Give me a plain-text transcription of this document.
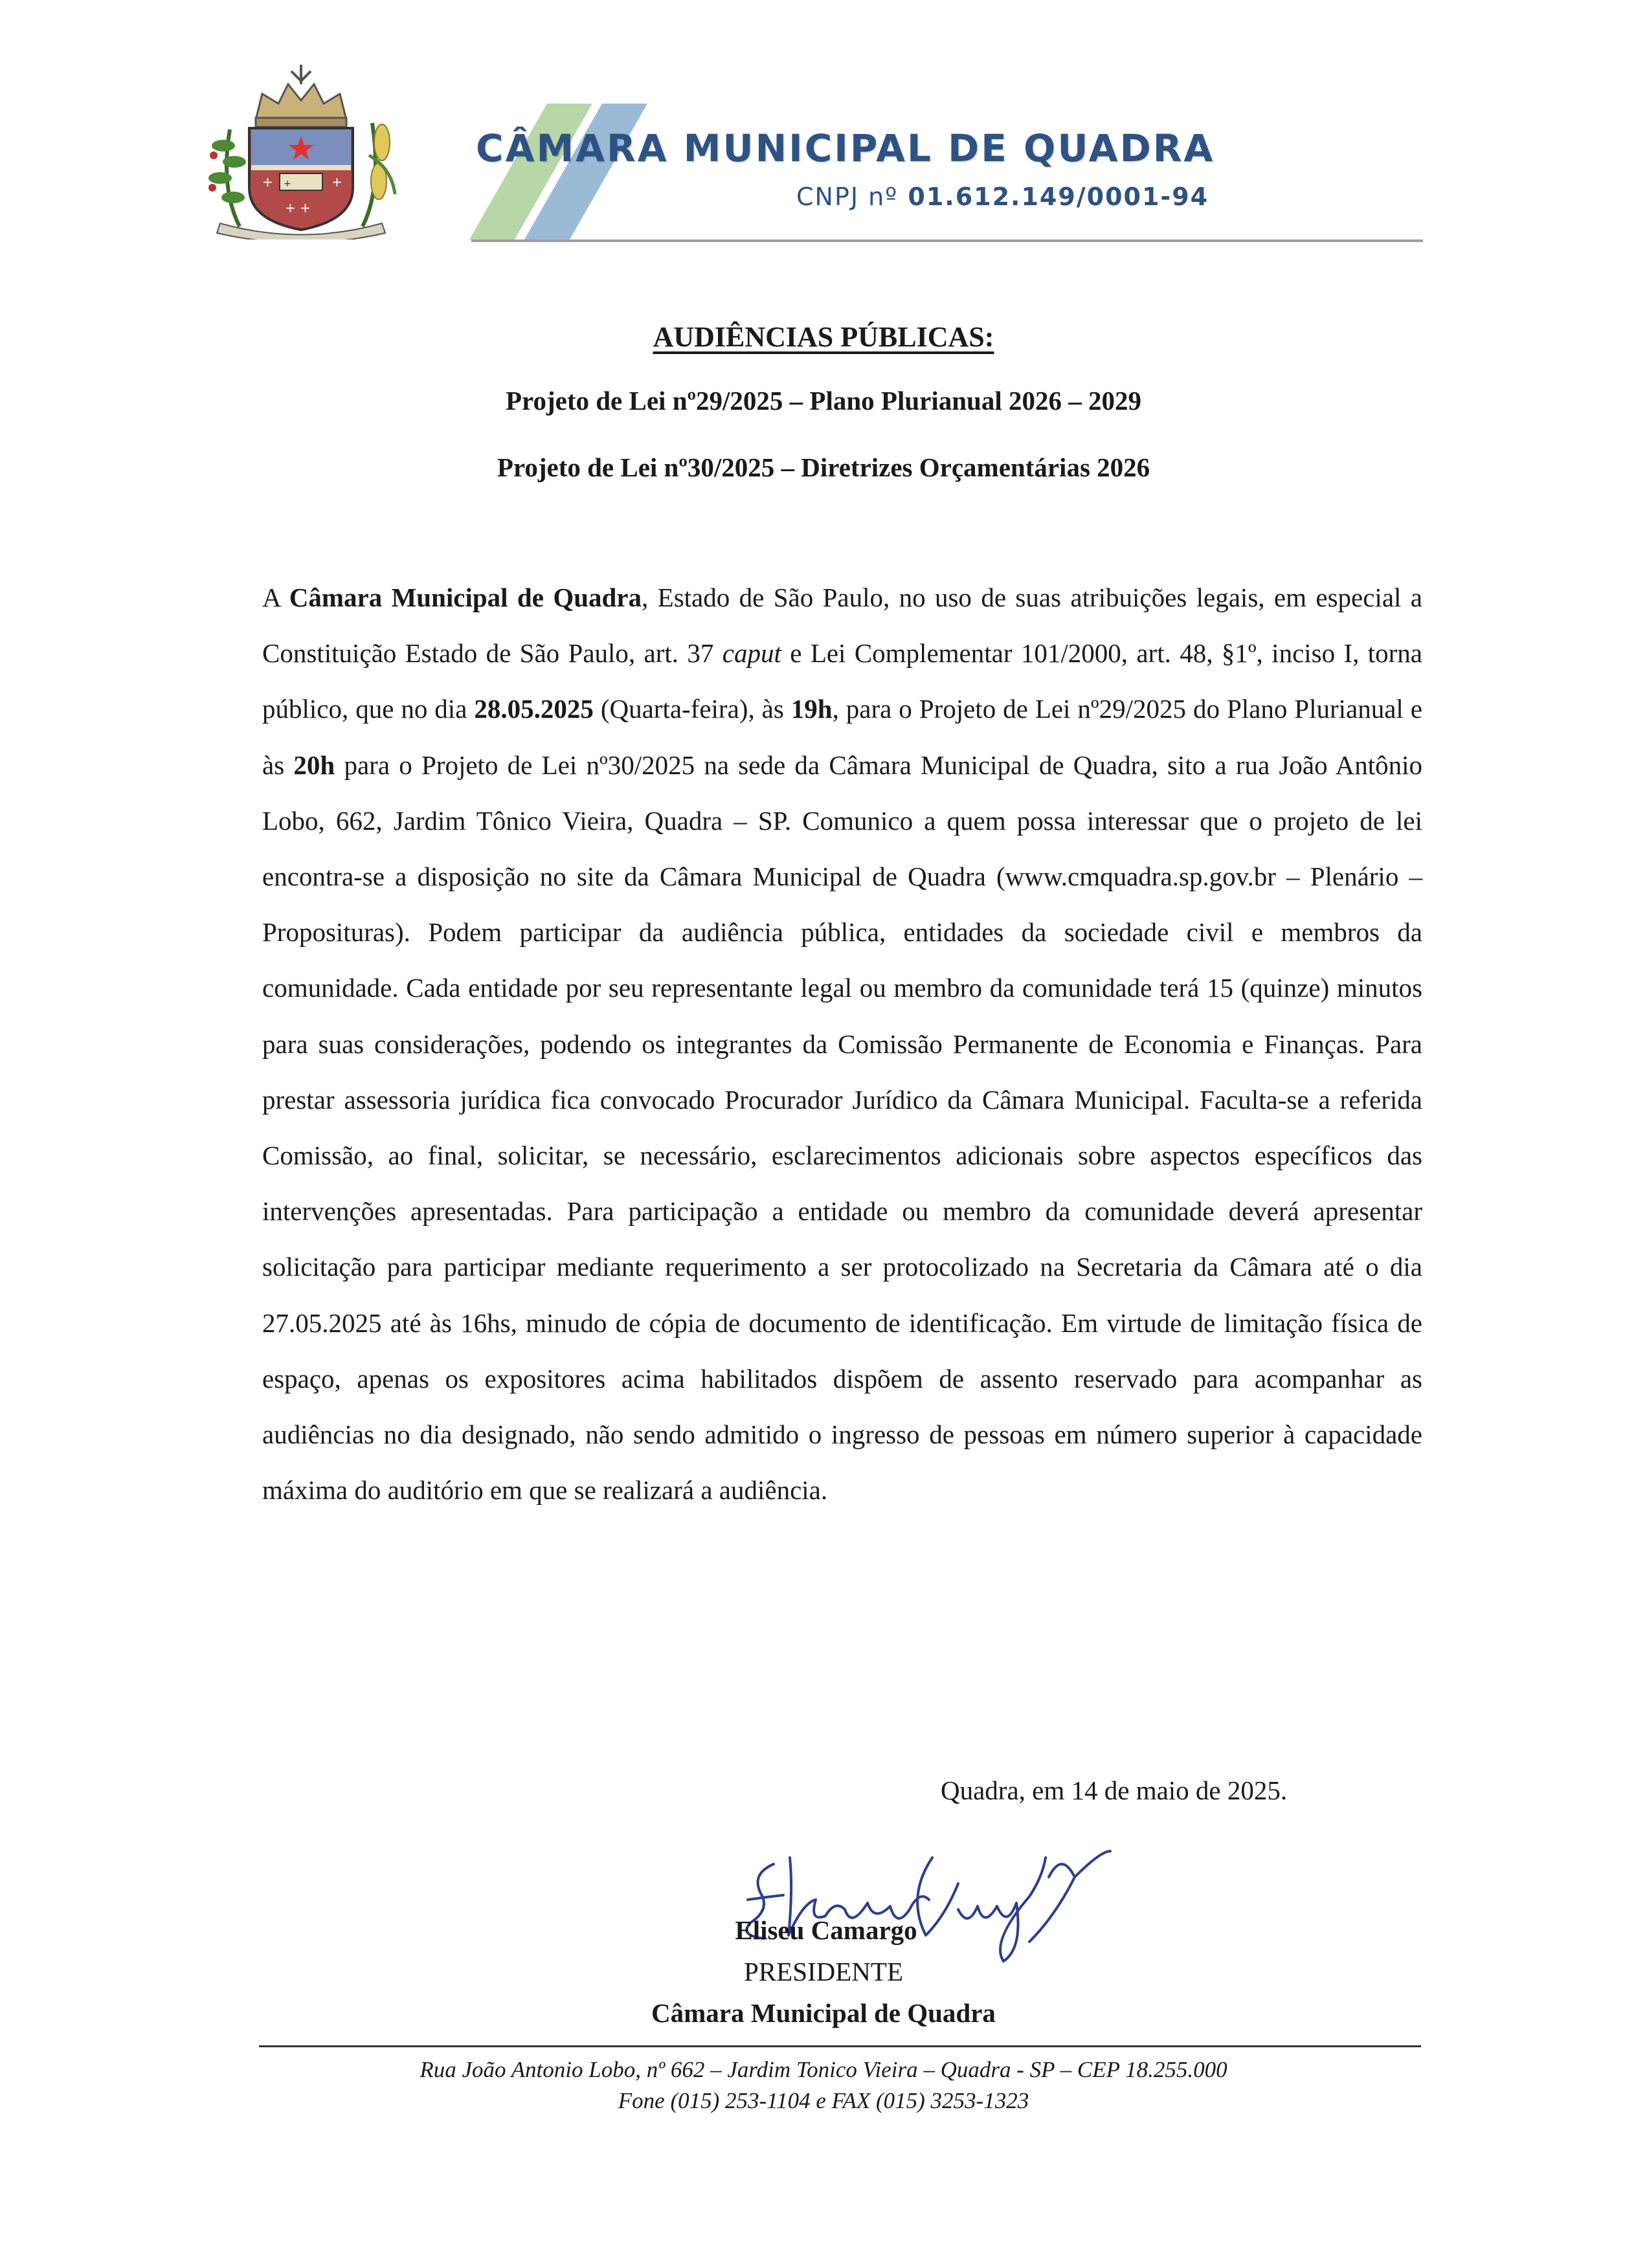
+
+	+
+ +
CÂMARA MUNICIPAL DE QUADRA
CNPJ nº 01.612.149/0001-94
AUDIÊNCIAS PÚBLICAS:
Projeto de Lei nº29/2025 – Plano Plurianual 2026 – 2029
Projeto de Lei nº30/2025 – Diretrizes Orçamentárias 2026

A Câmara Municipal de Quadra, Estado de São Paulo, no uso de suas atribuições legais, em especial a Constituição Estado de São Paulo, art. 37 caput e Lei Complementar 101/2000, art. 48, §1º, inciso I, torna público, que no dia 28.05.2025 (Quarta-feira), às 19h, para o Projeto de Lei nº29/2025 do Plano Plurianual e às 20h para o Projeto de Lei nº30/2025 na sede da Câmara Municipal de Quadra, sito a rua João Antônio Lobo, 662, Jardim Tônico Vieira, Quadra – SP. Comunico a quem possa interessar que o projeto de lei encontra-se a disposição no site da Câmara Municipal de Quadra (www.cmquadra.sp.gov.br – Plenário – Proposituras). Podem participar da audiência pública, entidades da sociedade civil e membros da comunidade. Cada entidade por seu representante legal ou membro da comunidade terá 15 (quinze) minutos para suas considerações, podendo os integrantes da Comissão Permanente de Economia e Finanças. Para prestar assessoria jurídica fica convocado Procurador Jurídico da Câmara Municipal. Faculta-se a referida Comissão, ao final, solicitar, se necessário, esclarecimentos adicionais sobre aspectos específicos das intervenções apresentadas. Para participação a entidade ou membro da comunidade deverá apresentar solicitação para participar mediante requerimento a ser protocolizado na Secretaria da Câmara até o dia 27.05.2025 até às 16hs, minudo de cópia de documento de identificação. Em virtude de limitação física de espaço, apenas os expositores acima habilitados dispõem de assento reservado para acompanhar as audiências no dia designado, não sendo admitido o ingresso de pessoas em número superior à capacidade máxima do auditório em que se realizará a audiência.

Quadra, em 14 de maio de 2025.
Eliseu Camargo
PRESIDENTE
Câmara Municipal de Quadra
Rua João Antonio Lobo, nº 662 – Jardim Tonico Vieira – Quadra - SP – CEP 18.255.000
Fone (015) 253-1104 e FAX (015) 3253-1323
